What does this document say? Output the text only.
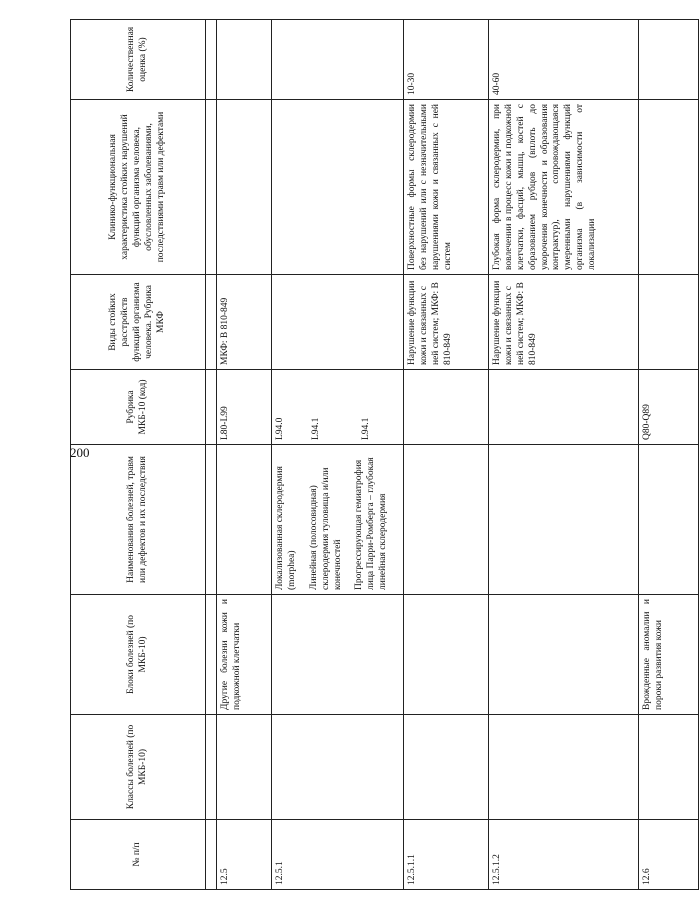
200
№ п/п	Классы болезней (по МКБ-10)	Блоки болезней (по МКБ-10)	Наименования болезней, травм или дефектов и их последствия	Рубрика МКБ-10 (код)	Виды стойких расстройств функций организма человека. Рубрика МКФ	Клинико-функциональная характеристика стойких нарушений функций организма человека, обусловленных заболеваниями, последствиями травм или дефектами	Количественная оценка (%)

12.5		Другие болезни кожи и подкожной клетчатки		L80-L99	МКФ: В 810-849		
12.5.1			Локализованная склеродермия (morphea) Линейная (полосовидная) склеродермия туловища и/или конечностей Прогрессирующая гемиатрофия лица Парри-Ромберга – глубокая линейная склеродермия	L94.0 L94.1 L94.1			

12.5.1.1					Нарушение функции кожи и связанных с ней систем; МКФ: В 810-849	Поверхностные формы склеродермии без нарушений или с незначительными нарушениями кожи и связанных с ней систем	10-30
12.5.1.2					Нарушение функции кожи и связанных с ней систем; МКФ: В 810-849	Глубокая форма склеродермии, при вовлечении в процесс кожи и подкожной клетчатки, фасций, мышц, костей с образованием рубцов (вплоть до укорочения конечности и образования контрактур), сопровождающаяся умеренными нарушениями функций организма (в зависимости от локализации	40-60
12.6		Врожденные аномалии и пороки развития кожи		Q80-Q89			
